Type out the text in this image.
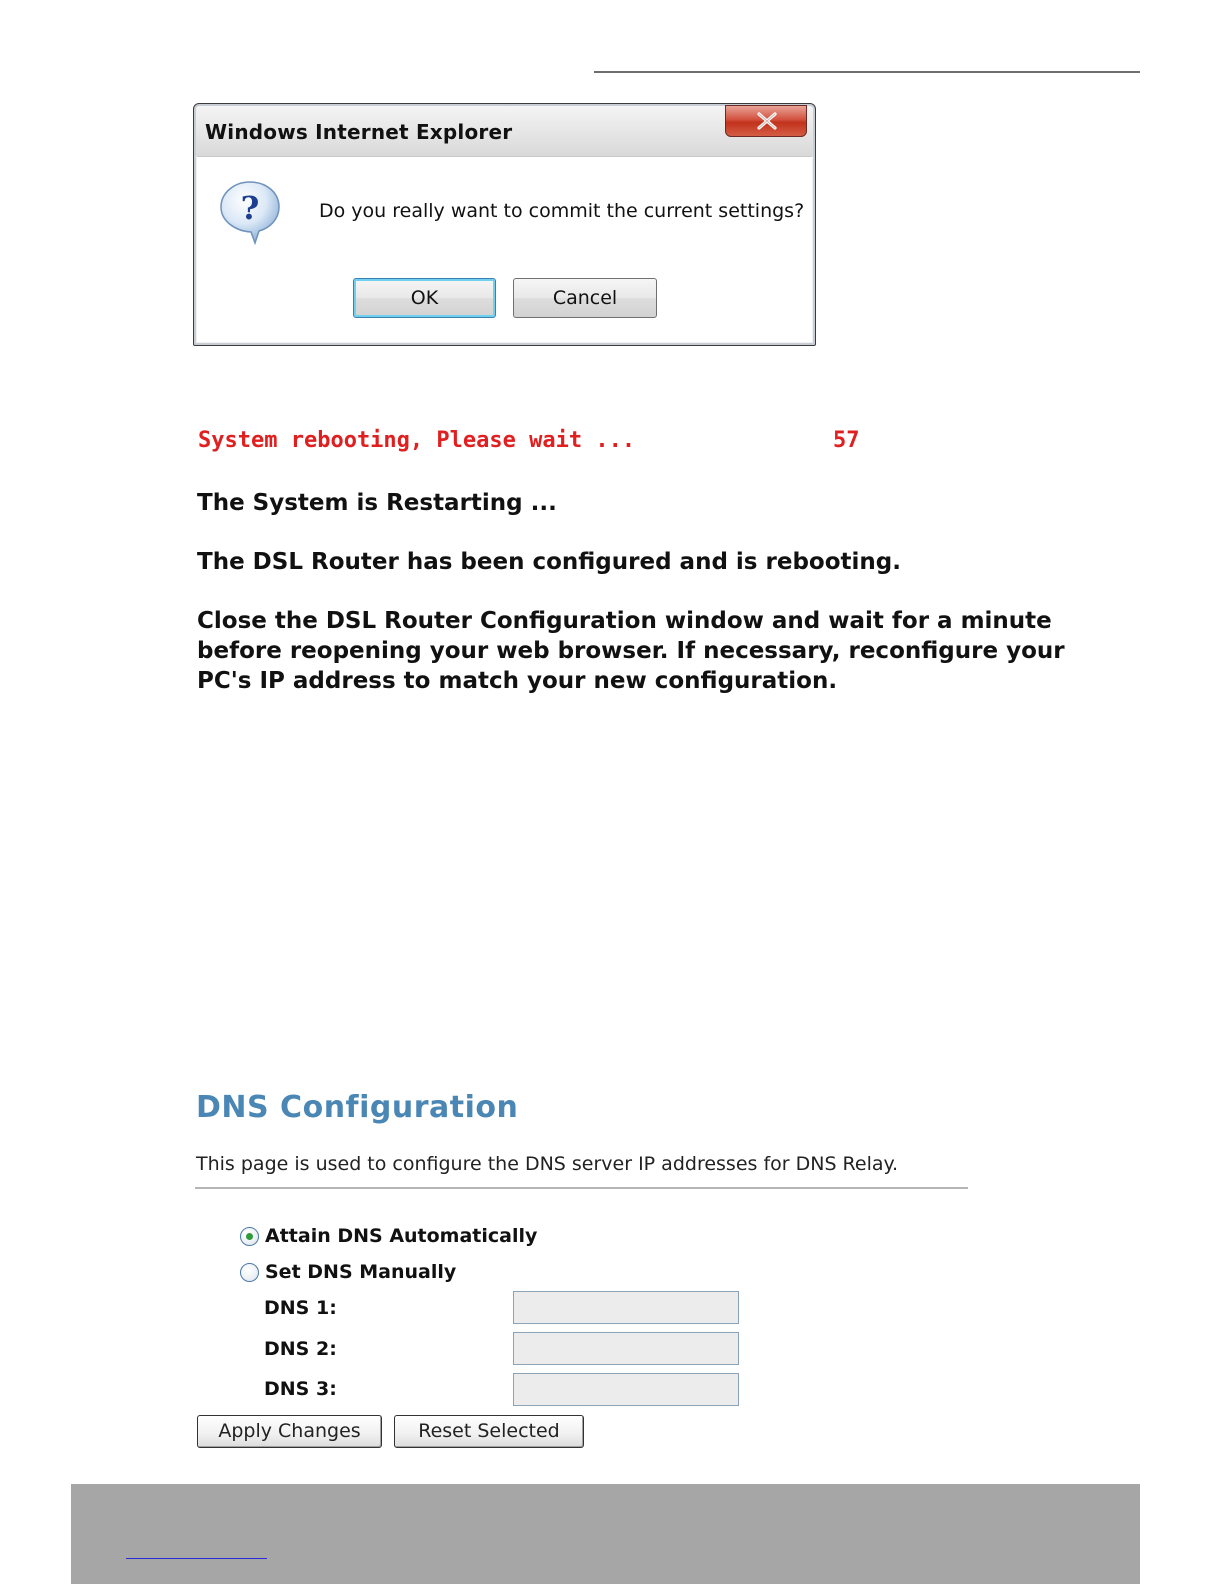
Windows Internet Explorer
?	Do you really want to commit the current settings?
OK	Cancel
System rebooting, Please wait ...	57
The System is Restarting ...
The DSL Router has been configured and is rebooting.
Close the DSL Router Configuration window and wait for a minute before reopening your web browser. If necessary, reconfigure your PC's IP address to match your new configuration.
DNS Configuration
This page is used to configure the DNS server IP addresses for DNS Relay.
Attain DNS Automatically
Set DNS Manually
DNS 1:
DNS 2:
DNS 3:
Apply Changes	Reset Selected
